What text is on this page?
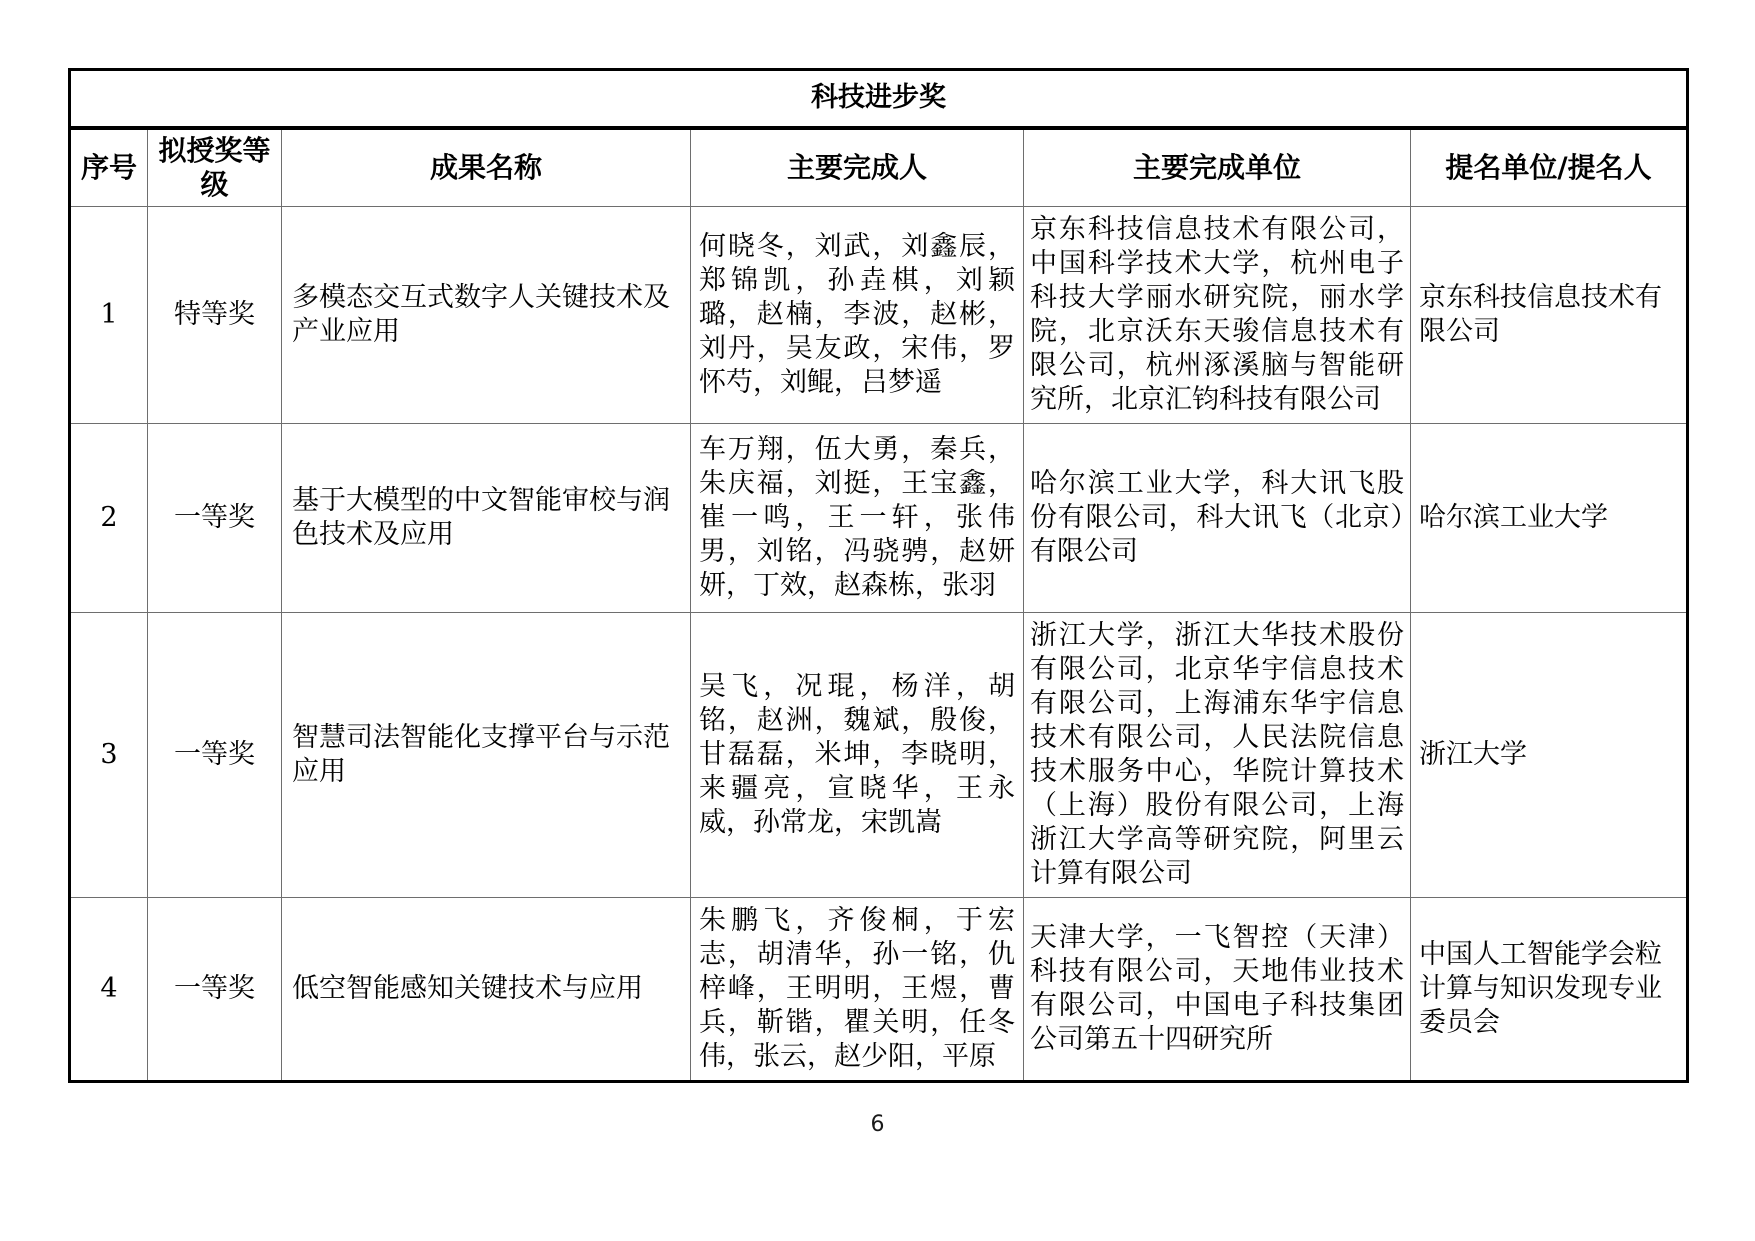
科技进步奖					
序号	拟授奖等级	成果名称	主要完成人	主要完成单位	提名单位/提名人
1	特等奖	多模态交互式数字人关键技术及产业应用	何晓冬，刘武，刘鑫辰，郑锦凯，孙垚棋，刘颖璐，赵楠，李波，赵彬，刘丹，吴友政，宋伟，罗怀芍，刘鲲，吕梦遥	京东科技信息技术有限公司，中国科学技术大学，杭州电子科技大学丽水研究院，丽水学院，北京沃东天骏信息技术有限公司，杭州涿溪脑与智能研究所，北京汇钧科技有限公司	京东科技信息技术有限公司
2	一等奖	基于大模型的中文智能审校与润色技术及应用	车万翔，伍大勇，秦兵，朱庆福，刘挺，王宝鑫，崔一鸣，王一轩，张伟男，刘铭，冯骁骋，赵妍妍，丁效，赵森栋，张羽	哈尔滨工业大学，科大讯飞股份有限公司，科大讯飞（北京）有限公司	哈尔滨工业大学
3	一等奖	智慧司法智能化支撑平台与示范应用	吴飞，况琨，杨洋，胡铭，赵洲，魏斌，殷俊，甘磊磊，米坤，李晓明，来疆亮，宣晓华，王永威，孙常龙，宋凯嵩	浙江大学，浙江大华技术股份有限公司，北京华宇信息技术有限公司，上海浦东华宇信息技术有限公司，人民法院信息技术服务中心，华院计算技术（上海）股份有限公司，上海浙江大学高等研究院，阿里云计算有限公司	浙江大学
4	一等奖	低空智能感知关键技术与应用	朱鹏飞，齐俊桐，于宏志，胡清华，孙一铭，仇梓峰，王明明，王煜，曹兵，靳锴，瞿关明，任冬伟，张云，赵少阳，平原	天津大学，一飞智控（天津）科技有限公司，天地伟业技术有限公司，中国电子科技集团公司第五十四研究所	中国人工智能学会粒计算与知识发现专业委员会
6
